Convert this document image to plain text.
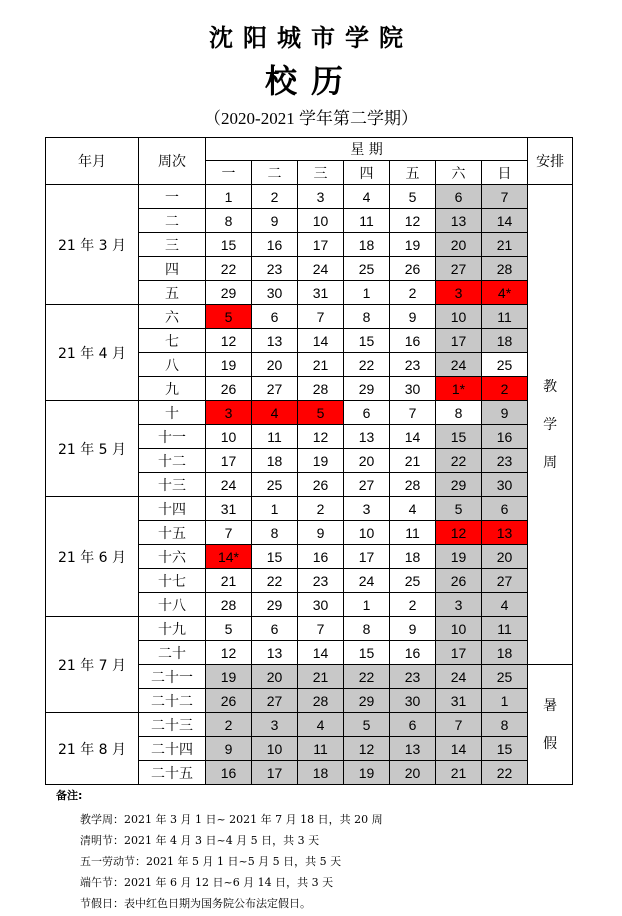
沈阳城市学院
校历
（2020-2021 学年第二学期）
年月	周次	星 期							安排
		一	二	三	四	五	六	日	
21 年 3 月	一	1	2	3	4	5	6	7	教
学
周

	二	8	9	10	11	12	13	14	
	三	15	16	17	18	19	20	21	
	四	22	23	24	25	26	27	28	
	五	29	30	31	1	2	3	4*	
21 年 4 月	六	5	6	7	8	9	10	11	
	七	12	13	14	15	16	17	18	
	八	19	20	21	22	23	24	25	
	九	26	27	28	29	30	1*	2	
21 年 5 月	十	3	4	5	6	7	8	9	
	十一	10	11	12	13	14	15	16	
	十二	17	18	19	20	21	22	23	
	十三	24	25	26	27	28	29	30	
21 年 6 月	十四	31	1	2	3	4	5	6	
	十五	7	8	9	10	11	12	13	
	十六	14*	15	16	17	18	19	20	
	十七	21	22	23	24	25	26	27	
	十八	28	29	30	1	2	3	4	
21 年 7 月	十九	5	6	7	8	9	10	11	
	二十	12	13	14	15	16	17	18	
	二十一	19	20	21	22	23	24	25	暑
假

	二十二	26	27	28	29	30	31	1	
21 年 8 月	二十三	2	3	4	5	6	7	8	
	二十四	9	10	11	12	13	14	15	
	二十五	16	17	18	19	20	21	22	
备注:
教学周：2021 年 3 月 1 日~ 2021 年 7 月 18 日，共 20 周
清明节：2021 年 4 月 3 日~4 月 5 日，共 3 天
五一劳动节：2021 年 5 月 1 日~5 月 5 日，共 5 天
端午节：2021 年 6 月 12 日~6 月 14 日，共 3 天
节假日：表中红色日期为国务院公布法定假日。
